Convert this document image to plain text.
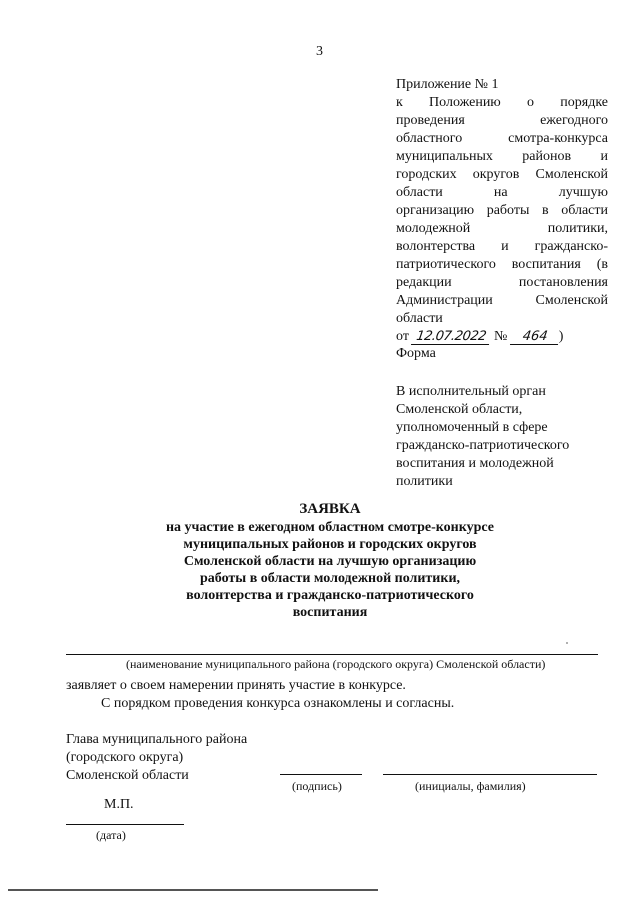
3
Приложение № 1
к Положению о порядке
проведения ежегодного
областного смотра-конкурса
муниципальных районов и
городских округов Смоленской
области на лучшую
организацию работы в области
молодежной политики,
волонтерства и гражданско-
патриотического воспитания (в
редакции постановления
Администрации Смоленской
области
от 12.07.2022 № 464 )
Форма
В исполнительный орган
Смоленской области,
уполномоченный в сфере
гражданско-патриотического
воспитания и молодежной
политики
ЗАЯВКА
на участие в ежегодном областном смотре-конкурсе
муниципальных районов и городских округов
Смоленской области на лучшую организацию
работы в области молодежной политики,
волонтерства и гражданско-патриотического
воспитания
(наименование муниципального района (городского округа) Смоленской области)
заявляет о своем намерении принять участие в конкурсе.
С порядком проведения конкурса ознакомлены и согласны.
Глава муниципального района
(городского округа)
Смоленской области
(подпись)	(инициалы, фамилия)
М.П.
(дата)
